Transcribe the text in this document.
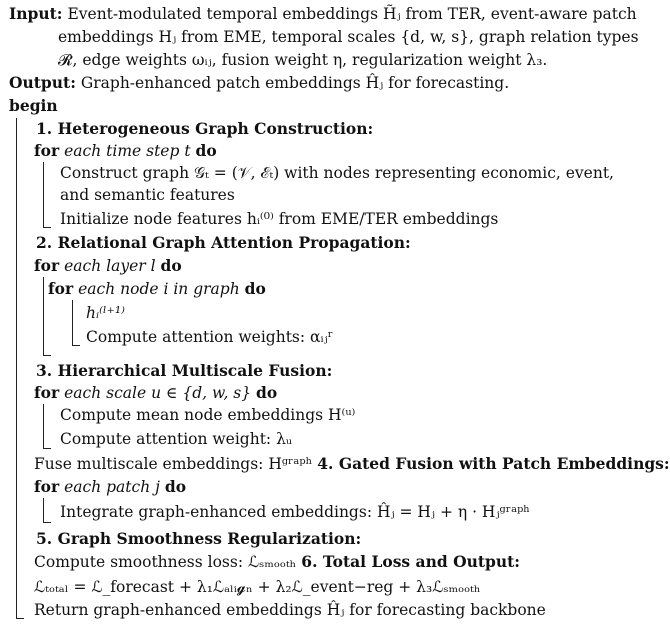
Input: Event-modulated temporal embeddings H̃ⱼ from TER, event-aware patch
embeddings Hⱼ from EME, temporal scales {d, w, s}, graph relation types
𝓡, edge weights ωᵢⱼ, fusion weight η, regularization weight λ₃.
Output: Graph-enhanced patch embeddings Ĥⱼ for forecasting.
begin
1. Heterogeneous Graph Construction:
for each time step t do
Construct graph 𝒢ₜ = (𝒱, ℰₜ) with nodes representing economic, event,
and semantic features
Initialize node features hᵢ⁽⁰⁾ from EME/TER embeddings
2. Relational Graph Attention Propagation:
for each layer l do
for each node i in graph do
hᵢ⁽ˡ⁺¹⁾
Compute attention weights: αᵢⱼʳ
3. Hierarchical Multiscale Fusion:
for each scale u ∈ {d, w, s} do
Compute mean node embeddings H⁽ᵘ⁾
Compute attention weight: λᵤ
Fuse multiscale embeddings: Hᵍʳᵃᵖʰ 4. Gated Fusion with Patch Embeddings:
for each patch j do
Integrate graph-enhanced embeddings: Ĥⱼ = Hⱼ + η · Hⱼᵍʳᵃᵖʰ
5. Graph Smoothness Regularization:
Compute smoothness loss: ℒₛₘₒₒₜₕ 6. Total Loss and Output:
ℒₜₒₜₐₗ = ℒ_forecast + λ₁ℒₐₗᵢ𝓰ₙ + λ₂ℒ_event−reg + λ₃ℒₛₘₒₒₜₕ
Return graph-enhanced embeddings Ĥⱼ for forecasting backbone
